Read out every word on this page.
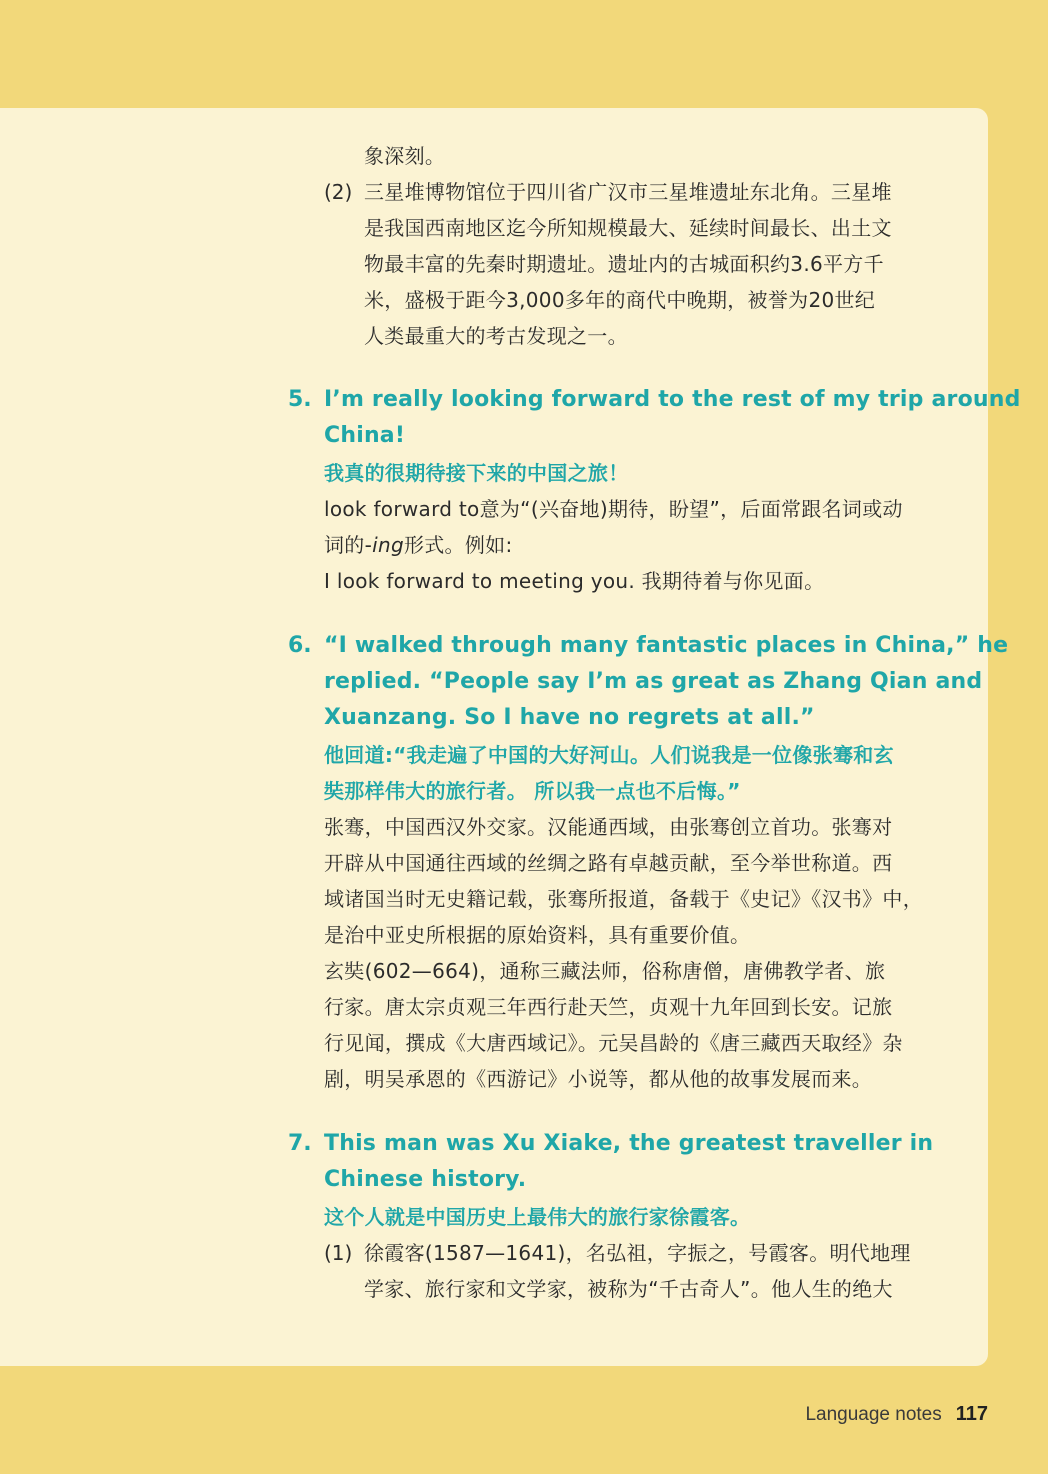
象深刻。
(2) 三星堆博物馆位于四川省广汉市三星堆遗址东北角。三星堆
是我国西南地区迄今所知规模最大、延续时间最长、出土文
物最丰富的先秦时期遗址。遗址内的古城面积约3.6平方千
米，盛极于距今3,000多年的商代中晚期，被誉为20世纪
人类最重大的考古发现之一。
5. I’m really looking forward to the rest of my trip around
China!
我真的很期待接下来的中国之旅！
look forward to意为“(兴奋地)期待，盼望”，后面常跟名词或动
词的-ing形式。例如:
I look forward to meeting you. 我期待着与你见面。
6. “I walked through many fantastic places in China,” he
replied. “People say I’m as great as Zhang Qian and
Xuanzang. So I have no regrets at all.”
他回道:“我走遍了中国的大好河山。人们说我是一位像张骞和玄
奘那样伟大的旅行者。 所以我一点也不后悔。”
张骞，中国西汉外交家。汉能通西域，由张骞创立首功。张骞对
开辟从中国通往西域的丝绸之路有卓越贡献，至今举世称道。西
域诸国当时无史籍记载，张骞所报道，备载于《史记》《汉书》中，
是治中亚史所根据的原始资料，具有重要价值。
玄奘(602—664)，通称三藏法师，俗称唐僧，唐佛教学者、旅
行家。唐太宗贞观三年西行赴天竺，贞观十九年回到长安。记旅
行见闻，撰成《大唐西域记》。元吴昌龄的《唐三藏西天取经》杂
剧，明吴承恩的《西游记》小说等，都从他的故事发展而来。
7. This man was Xu Xiake, the greatest traveller in
Chinese history.
这个人就是中国历史上最伟大的旅行家徐霞客。
(1) 徐霞客(1587—1641)，名弘祖，字振之，号霞客。明代地理
学家、旅行家和文学家，被称为“千古奇人”。他人生的绝大
Language notes 117
